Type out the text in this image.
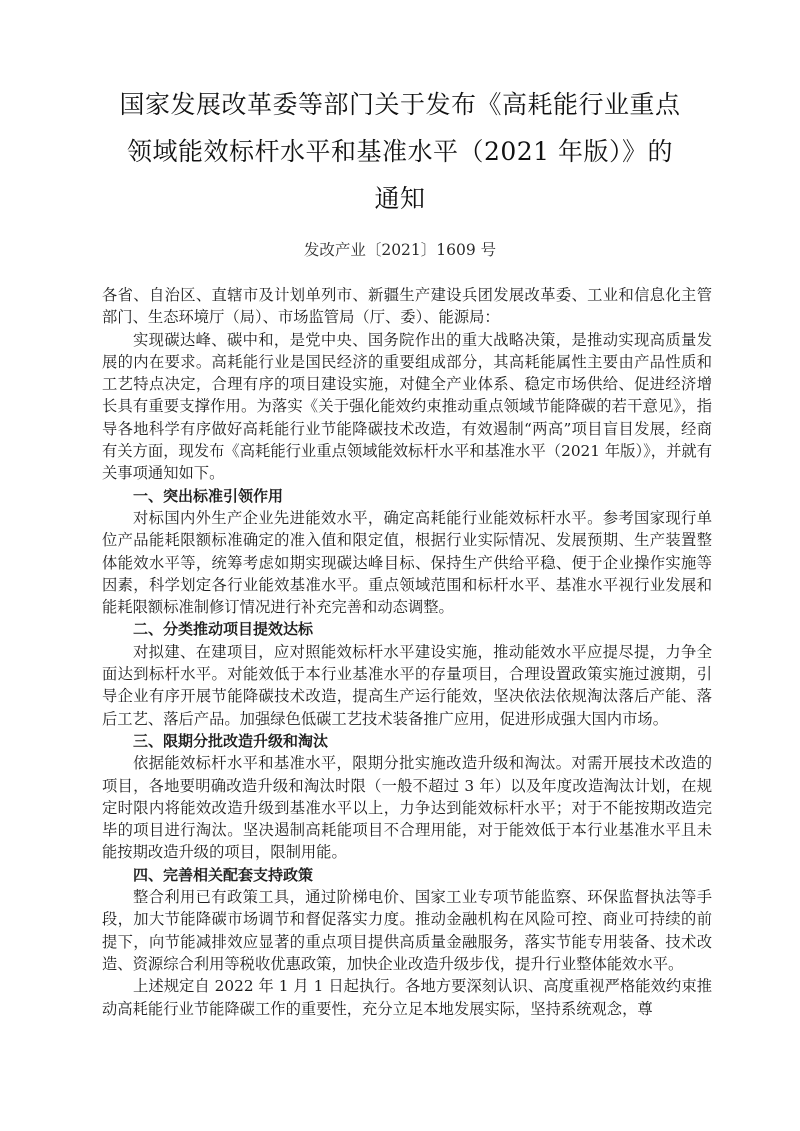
国家发展改革委等部门关于发布《高耗能行业重点
领域能效标杆水平和基准水平（2021 年版）》的
通知
发改产业〔2021〕1609 号

各省、自治区、直辖市及计划单列市、新疆生产建设兵团发展改革委、工业和信息化主管部门、生态环境厅（局）、市场监管局（厅、委）、能源局：

实现碳达峰、碳中和，是党中央、国务院作出的重大战略决策，是推动实现高质量发展的内在要求。高耗能行业是国民经济的重要组成部分，其高耗能属性主要由产品性质和工艺特点决定，合理有序的项目建设实施，对健全产业体系、稳定市场供给、促进经济增长具有重要支撑作用。为落实《关于强化能效约束推动重点领域节能降碳的若干意见》，指导各地科学有序做好高耗能行业节能降碳技术改造，有效遏制“两高”项目盲目发展，经商有关方面，现发布《高耗能行业重点领域能效标杆水平和基准水平（2021 年版）》，并就有关事项通知如下。

一、突出标准引领作用

对标国内外生产企业先进能效水平，确定高耗能行业能效标杆水平。参考国家现行单位产品能耗限额标准确定的准入值和限定值，根据行业实际情况、发展预期、生产装置整体能效水平等，统筹考虑如期实现碳达峰目标、保持生产供给平稳、便于企业操作实施等因素，科学划定各行业能效基准水平。重点领域范围和标杆水平、基准水平视行业发展和能耗限额标准制修订情况进行补充完善和动态调整。

二、分类推动项目提效达标

对拟建、在建项目，应对照能效标杆水平建设实施，推动能效水平应提尽提，力争全面达到标杆水平。对能效低于本行业基准水平的存量项目，合理设置政策实施过渡期，引导企业有序开展节能降碳技术改造，提高生产运行能效，坚决依法依规淘汰落后产能、落后工艺、落后产品。加强绿色低碳工艺技术装备推广应用，促进形成强大国内市场。

三、限期分批改造升级和淘汰

依据能效标杆水平和基准水平，限期分批实施改造升级和淘汰。对需开展技术改造的项目，各地要明确改造升级和淘汰时限（一般不超过 3 年）以及年度改造淘汰计划，在规定时限内将能效改造升级到基准水平以上，力争达到能效标杆水平；对于不能按期改造完毕的项目进行淘汰。坚决遏制高耗能项目不合理用能，对于能效低于本行业基准水平且未能按期改造升级的项目，限制用能。

四、完善相关配套支持政策

整合利用已有政策工具，通过阶梯电价、国家工业专项节能监察、环保监督执法等手段，加大节能降碳市场调节和督促落实力度。推动金融机构在风险可控、商业可持续的前提下，向节能减排效应显著的重点项目提供高质量金融服务，落实节能专用装备、技术改造、资源综合利用等税收优惠政策，加快企业改造升级步伐，提升行业整体能效水平。

上述规定自 2022 年 1 月 1 日起执行。各地方要深刻认识、高度重视严格能效约束推动高耗能行业节能降碳工作的重要性，充分立足本地发展实际，坚持系统观念，尊
